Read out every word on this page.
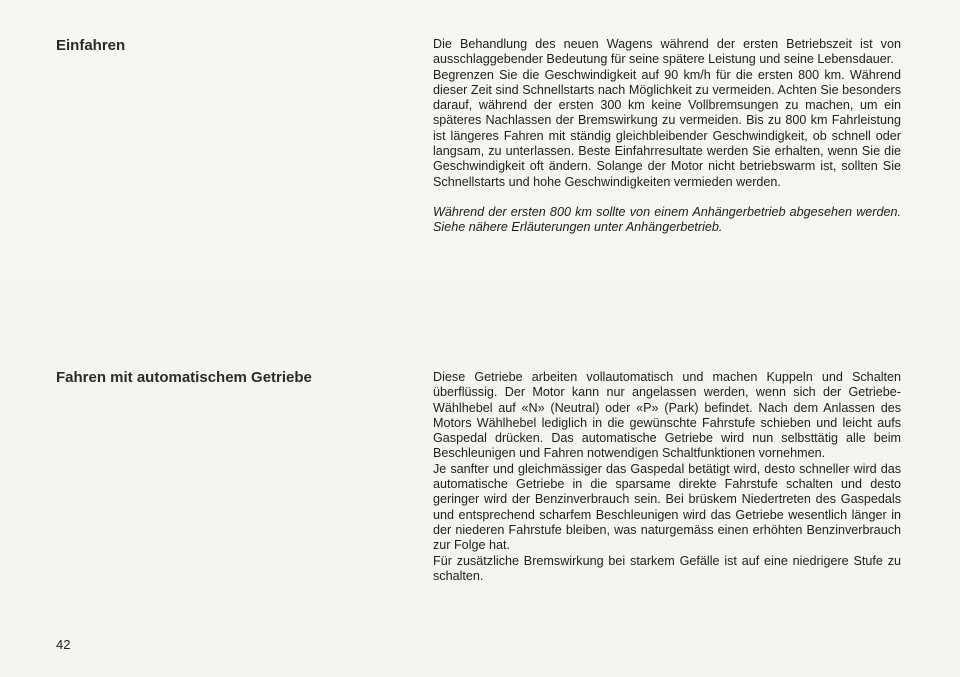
Einfahren	Die Behandlung des neuen Wagens während der ersten Betriebszeit ist von ausschlaggebender Bedeutung für seine spätere Leistung und seine Lebensdauer.

Begrenzen Sie die Geschwindigkeit auf 90 km/h für die ersten 800 km. Während dieser Zeit sind Schnellstarts nach Möglichkeit zu vermeiden. Achten Sie besonders darauf, während der ersten 300 km keine Vollbremsungen zu machen, um ein späteres Nachlassen der Bremswirkung zu vermeiden. Bis zu 800 km Fahrleistung ist längeres Fahren mit ständig gleichbleibender Geschwindigkeit, ob schnell oder langsam, zu unterlassen. Beste Einfahrresultate werden Sie erhalten, wenn Sie die Geschwindigkeit oft ändern. Solange der Motor nicht betriebswarm ist, sollten Sie Schnellstarts und hohe Geschwindigkeiten vermieden werden.

Während der ersten 800 km sollte von einem Anhängerbetrieb abgesehen werden. Siehe nähere Erläuterungen unter Anhängerbetrieb.

Fahren mit automatischem Getriebe	Diese Getriebe arbeiten vollautomatisch und machen Kuppeln und Schalten überflüssig. Der Motor kann nur angelassen werden, wenn sich der Getriebe-Wählhebel auf «N» (Neutral) oder «P» (Park) befindet. Nach dem Anlassen des Motors Wählhebel lediglich in die gewünschte Fahrstufe schieben und leicht aufs Gaspedal drücken. Das automatische Getriebe wird nun selbsttätig alle beim Beschleunigen und Fahren notwendigen Schaltfunktionen vornehmen.

Je sanfter und gleichmässiger das Gaspedal betätigt wird, desto schneller wird das automatische Getriebe in die sparsame direkte Fahrstufe schalten und desto geringer wird der Benzinverbrauch sein. Bei brüskem Niedertreten des Gaspedals und entsprechend scharfem Beschleunigen wird das Getriebe wesentlich länger in der niederen Fahrstufe bleiben, was naturgemäss einen erhöhten Benzinverbrauch zur Folge hat.

Für zusätzliche Bremswirkung bei starkem Gefälle ist auf eine niedrigere Stufe zu schalten.

42
